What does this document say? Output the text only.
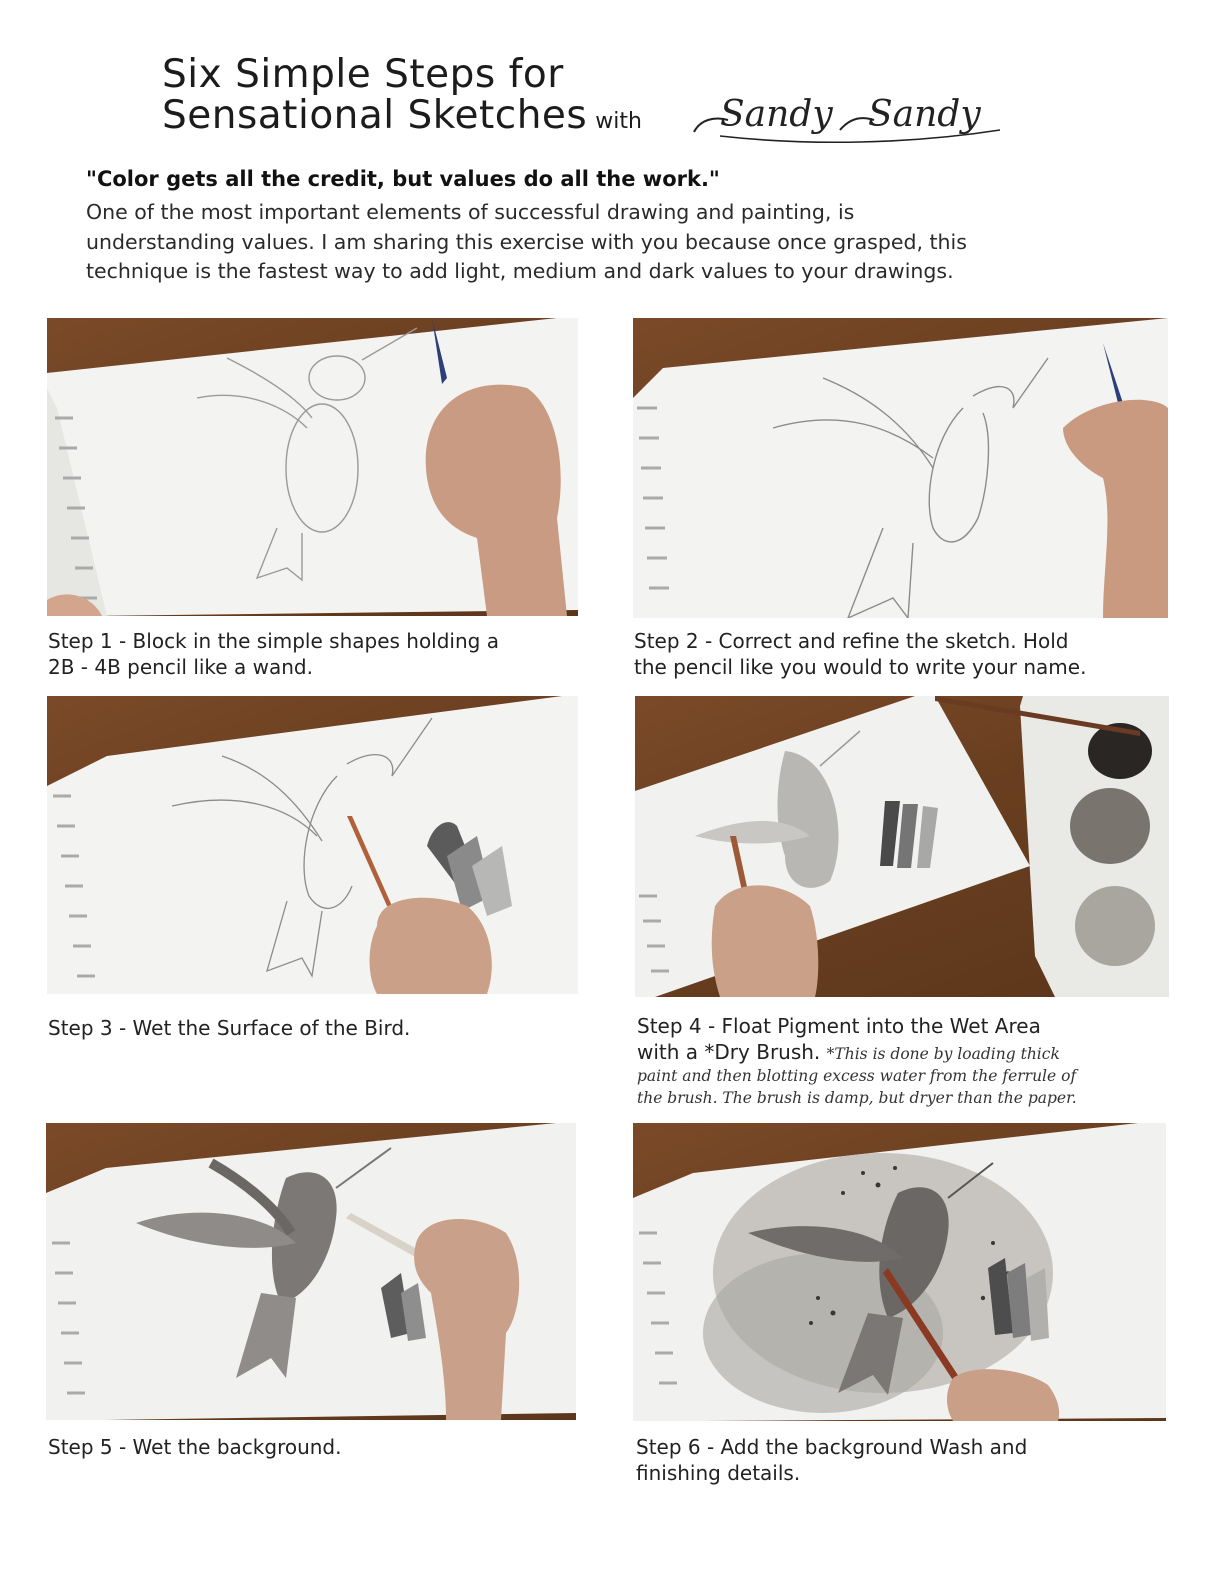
Six Simple Steps for
Sensational Sketches with Sandy Sandy
"Color gets all the credit, but values do all the work."
One of the most important elements of successful drawing and painting, is
understanding values. I am sharing this exercise with you because once grasped, this
technique is the fastest way to add light, medium and dark values to your drawings.
Step 1 - Block in the simple shapes holding a
2B - 4B pencil like a wand.
Step 2 - Correct and refine the sketch. Hold
the pencil like you would to write your name.
Step 3 - Wet the Surface of the Bird.	Step 4 - Float Pigment into the Wet Area
with a *Dry Brush. *This is done by loading thick
paint and then blotting excess water from the ferrule of
the brush. The brush is damp, but dryer than the paper.
Step 5 - Wet the background.	Step 6 - Add the background Wash and
finishing details.
